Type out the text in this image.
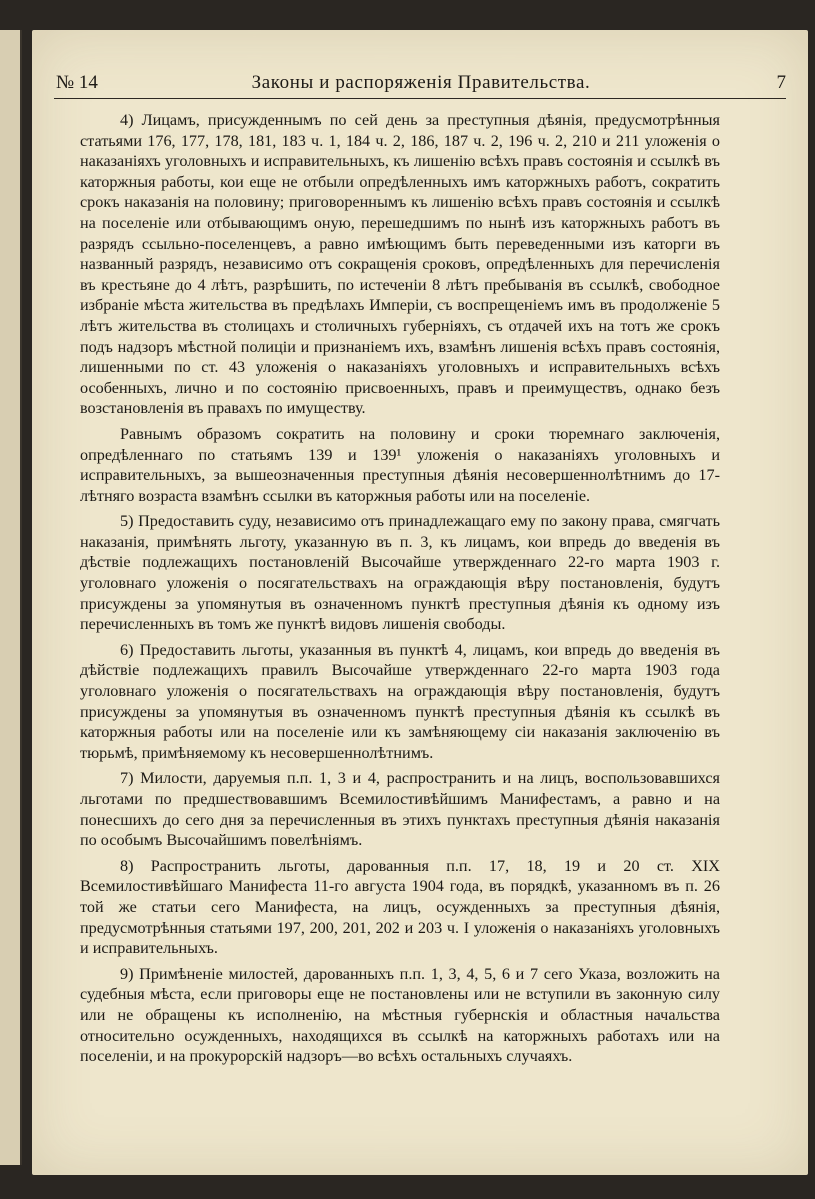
№ 14	Законы и распоряженія Правительства.	7

4) Лицамъ, присужденнымъ по сей день за преступныя дѣянія, предусмотрѣнныя статьями 176, 177, 178, 181, 183 ч. 1, 184 ч. 2, 186, 187 ч. 2, 196 ч. 2, 210 и 211 уложенія о наказаніяхъ уголовныхъ и исправительныхъ, къ лишенію всѣхъ правъ состоянія и ссылкѣ въ каторжныя работы, кои еще не отбыли опредѣленныхъ имъ каторжныхъ работъ, сократить срокъ наказанія на половину; приговореннымъ къ лишенію всѣхъ правъ состоянія и ссылкѣ на поселеніе или отбывающимъ оную, перешедшимъ по нынѣ изъ каторжныхъ работъ въ разрядъ ссыльно-поселенцевъ, а равно имѣющимъ быть переведенными изъ каторги въ названный разрядъ, независимо отъ сокращенія сроковъ, опредѣленныхъ для перечисленія въ крестьяне до 4 лѣтъ, разрѣшить, по истеченіи 8 лѣтъ пребыванія въ ссылкѣ, свободное избраніе мѣста жительства въ предѣлахъ Имперіи, съ воспрещеніемъ имъ въ продолженіе 5 лѣтъ жительства въ столицахъ и столичныхъ губерніяхъ, съ отдачей ихъ на тотъ же срокъ подъ надзоръ мѣстной полиціи и признаніемъ ихъ, взамѣнъ лишенія всѣхъ правъ состоянія, лишенными по ст. 43 уложенія о наказаніяхъ уголовныхъ и исправительныхъ всѣхъ особенныхъ, лично и по состоянію присвоенныхъ, правъ и преимуществъ, однако безъ возстановленія въ правахъ по имуществу.

Равнымъ образомъ сократить на половину и сроки тюремнаго заключенія, опредѣленнаго по статьямъ 139 и 139¹ уложенія о наказаніяхъ уголовныхъ и исправительныхъ, за вышеозначенныя преступныя дѣянія несовершеннолѣтнимъ до 17-лѣтняго возраста взамѣнъ ссылки въ каторжныя работы или на поселеніе.

5) Предоставить суду, независимо отъ принадлежащаго ему по закону права, смягчать наказанія, примѣнять льготу, указанную въ п. 3, къ лицамъ, кои впредь до введенія въ дѣствіе подлежащихъ постановленій Высочайше утвержденнаго 22-го марта 1903 г. уголовнаго уложенія о посягательствахъ на ограждающія вѣру постановленія, будутъ присуждены за упомянутыя въ означенномъ пунктѣ преступныя дѣянія къ одному изъ перечисленныхъ въ томъ же пунктѣ видовъ лишенія свободы.

6) Предоставить льготы, указанныя въ пунктѣ 4, лицамъ, кои впредь до введенія въ дѣйствіе подлежащихъ правилъ Высочайше утвержденнаго 22-го марта 1903 года уголовнаго уложенія о посягательствахъ на ограждающія вѣру постановленія, будутъ присуждены за упомянутыя въ означенномъ пунктѣ преступныя дѣянія къ ссылкѣ въ каторжныя работы или на поселеніе или къ замѣняющему сіи наказанія заключенію въ тюрьмѣ, примѣняемому къ несовершеннолѣтнимъ.

7) Милости, даруемыя п.п. 1, 3 и 4, распространить и на лицъ, воспользовавшихся льготами по предшествовавшимъ Всемилостивѣйшимъ Манифестамъ, а равно и на понесшихъ до сего дня за перечисленныя въ этихъ пунктахъ преступныя дѣянія наказанія по особымъ Высочайшимъ повелѣніямъ.

8) Распространить льготы, дарованныя п.п. 17, 18, 19 и 20 ст. XIX Всемилостивѣйшаго Манифеста 11-го августа 1904 года, въ порядкѣ, указанномъ въ п. 26 той же статьи сего Манифеста, на лицъ, осужденныхъ за преступныя дѣянія, предусмотрѣнныя статьями 197, 200, 201, 202 и 203 ч. I уложенія о наказаніяхъ уголовныхъ и исправительныхъ.

9) Примѣненіе милостей, дарованныхъ п.п. 1, 3, 4, 5, 6 и 7 сего Указа, возложить на судебныя мѣста, если приговоры еще не постановлены или не вступили въ законную силу или не обращены къ исполненію, на мѣстныя губернскія и областныя начальства относительно осужденныхъ, находящихся въ ссылкѣ на каторжныхъ работахъ или на поселеніи, и на прокурорскій надзоръ—во всѣхъ остальныхъ случаяхъ.
